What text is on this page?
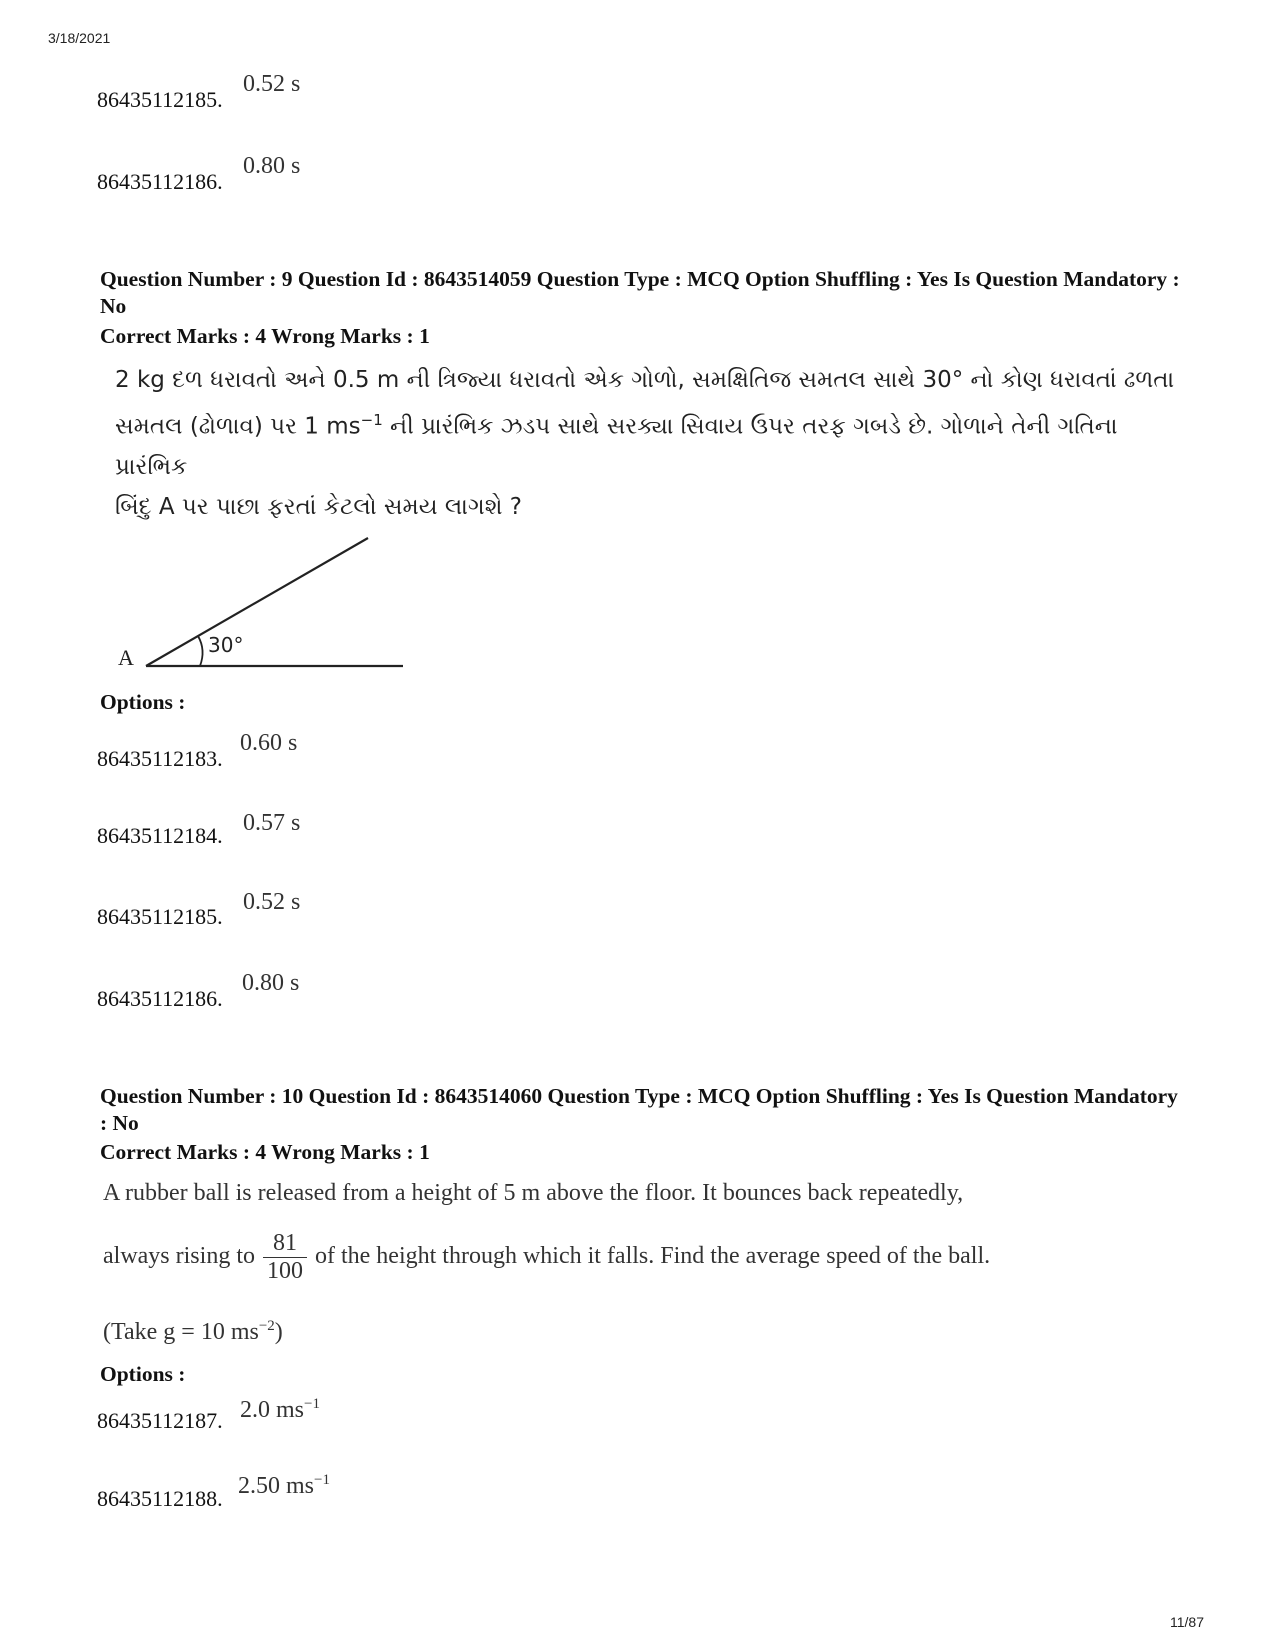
3/18/2021
86435112185.
0.52 s
86435112186.
0.80 s
Question Number : 9 Question Id : 8643514059 Question Type : MCQ Option Shuffling : Yes Is Question Mandatory : No
Correct Marks : 4 Wrong Marks : 1
2 kg દળ ધરાવતો અને 0.5 m ની ત્રિજ્યા ધરાવતો એક ગોળો, સમક્ષિતિજ સમતલ સાથે 30° નો કોણ ધરાવતાં ઢળતા
સમતલ (ઢોળાવ) પર 1 $ms^{-1}$ ની પ્રારંભિક ઝડપ સાથે સરક્યા સિવાય ઉપર તરફ ગબડે છે. ગોળાને તેની ગતિના પ્રારંભિક
બિંદુ A પર પાછા ફરતાં કેટલો સમય લાગશે ?
A	30°
Options :
86435112183.
0.60 s
86435112184. 0.57 s
86435112185.
0.52 s
86435112186.
0.80 s
Question Number : 10 Question Id : 8643514060 Question Type : MCQ Option Shuffling : Yes Is Question Mandatory : No
Correct Marks : 4 Wrong Marks : 1
A rubber ball is released from a height of 5 m above the floor. It bounces back repeatedly,
always rising to $\frac{81}{100}$ of the height through which it falls. Find the average speed of the ball.
(Take g = 10 $ms^{-2}$)
Options :
86435112187. 2.0 $ms^{-1}$
86435112188. 2.50 $ms^{-1}$
11/87
